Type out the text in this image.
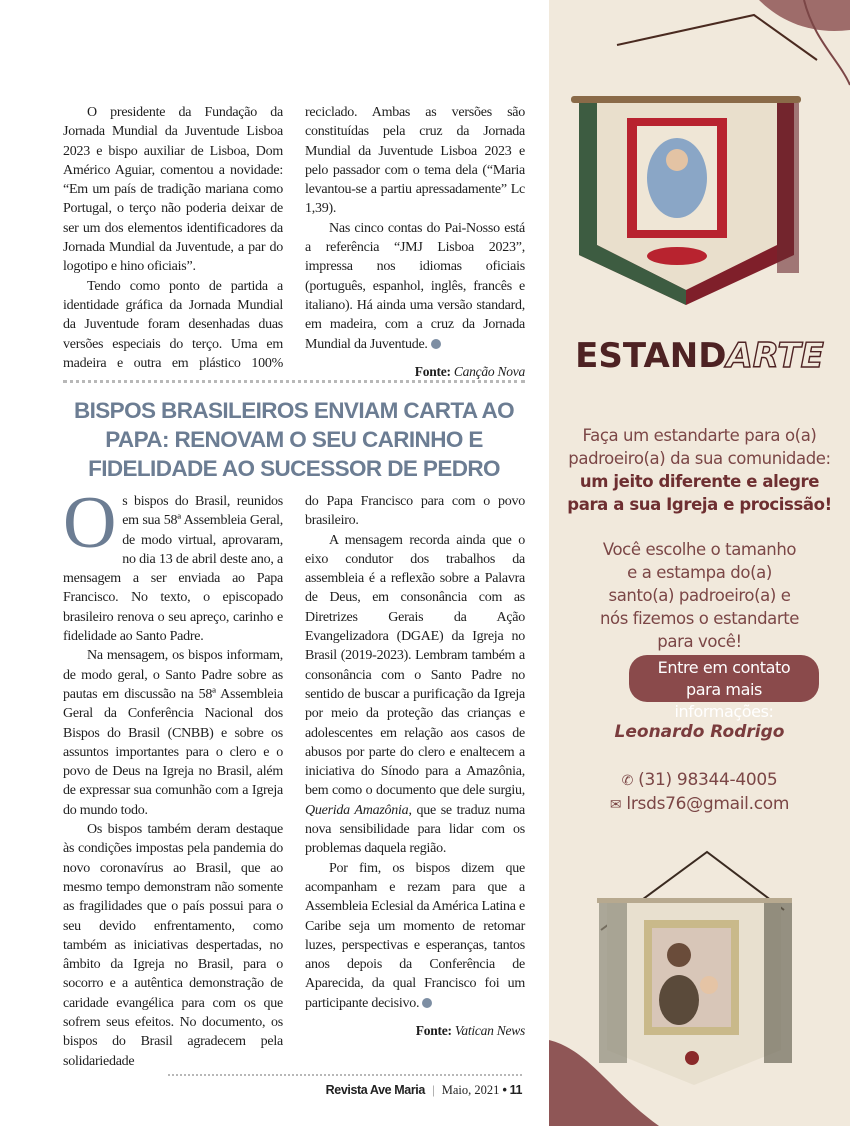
O presidente da Fundação da Jornada Mundial da Juventude Lisboa 2023 e bispo auxiliar de Lisboa, Dom Américo Aguiar, comentou a novidade: “Em um país de tradição mariana como Portugal, o terço não poderia deixar de ser um dos elementos identificadores da Jornada Mundial da Juventude, a par do logotipo e hino oficiais”.

Tendo como ponto de partida a identidade gráfica da Jornada Mundial da Juventude foram desenhadas duas versões especiais do terço. Uma em madeira e outra em plástico 100%

reciclado. Ambas as versões são constituídas pela cruz da Jornada Mundial da Juventude Lisboa 2023 e pelo passador com o tema dela (“Maria levantou-se a partiu apressadamente” Lc 1,39).

Nas cinco contas do Pai-Nosso está a referência “JMJ Lisboa 2023”, impressa nos idiomas oficiais (português, espanhol, inglês, francês e italiano). Há ainda uma versão standard, em madeira, com a cruz da Jornada Mundial da Juventude.

Fonte: Canção Nova
BISPOS BRASILEIROS ENVIAM CARTA AO PAPA: RENOVAM O SEU CARINHO E FIDELIDADE AO SUCESSOR DE PEDRO

Os bispos do Brasil, reunidos em sua 58ª Assembleia Geral, de modo virtual, aprovaram, no dia 13 de abril deste ano, a mensagem a ser enviada ao Papa Francisco. No texto, o episcopado brasileiro renova o seu apreço, carinho e fidelidade ao Santo Padre.

Na mensagem, os bispos informam, de modo geral, o Santo Padre sobre as pautas em discussão na 58ª Assembleia Geral da Conferência Nacional dos Bispos do Brasil (CNBB) e sobre os assuntos importantes para o clero e o povo de Deus na Igreja no Brasil, além de expressar sua comunhão com a Igreja do mundo todo.

Os bispos também deram destaque às condições impostas pela pandemia do novo coronavírus ao Brasil, que ao mesmo tempo demonstram não somente as fragilidades que o país possui para o seu devido enfrentamento, como também as iniciativas despertadas, no âmbito da Igreja no Brasil, para o socorro e a autêntica demonstração de caridade evangélica para com os que sofrem seus efeitos. No documento, os bispos do Brasil agradecem pela solidariedade

do Papa Francisco para com o povo brasileiro.

A mensagem recorda ainda que o eixo condutor dos trabalhos da assembleia é a reflexão sobre a Palavra de Deus, em consonância com as Diretrizes Gerais da Ação Evangelizadora (DGAE) da Igreja no Brasil (2019-2023). Lembram também a consonância com o Santo Padre no sentido de buscar a purificação da Igreja por meio da proteção das crianças e adolescentes em relação aos casos de abusos por parte do clero e enaltecem a iniciativa do Sínodo para a Amazônia, bem como o documento que dele surgiu, Querida Amazônia, que se traduz numa nova sensibilidade para lidar com os problemas daquela região.

Por fim, os bispos dizem que acompanham e rezam para que a Assembleia Eclesial da América Latina e Caribe seja um momento de retomar luzes, perspectivas e esperanças, tantos anos depois da Conferência de Aparecida, da qual Francisco foi um participante decisivo.

Fonte: Vatican News
Revista Ave Maria | Maio, 2021 • 11
ESTANDARTE
Faça um estandarte para o(a) padroeiro(a) da sua comunidade:
um jeito diferente e alegre para a sua Igreja e procissão!
Você escolhe o tamanho e a estampa do(a) santo(a) padroeiro(a) e nós fizemos o estandarte para você!
Entre em contato para mais informações:
Leonardo Rodrigo
✆ (31) 98344-4005
✉ lrsds76@gmail.com
